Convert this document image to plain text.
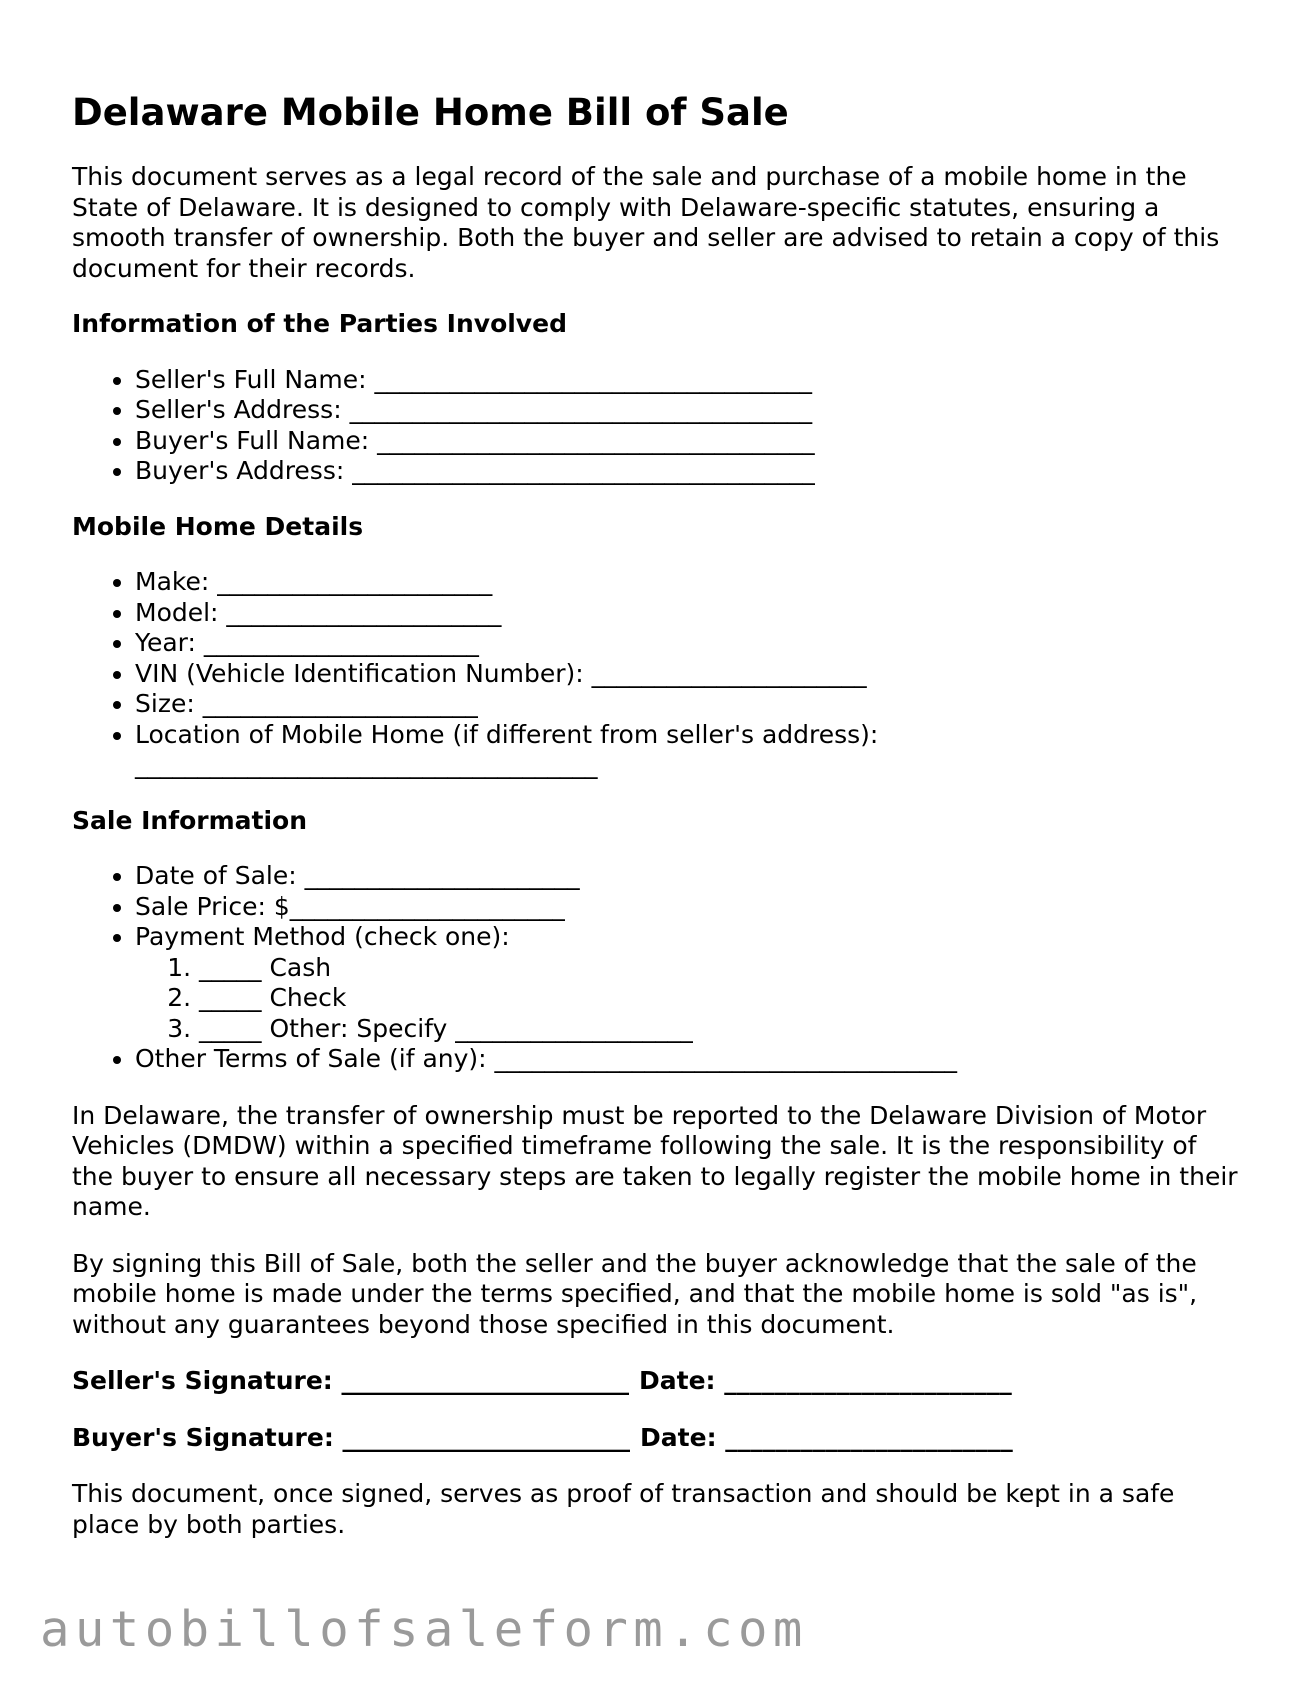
Delaware Mobile Home Bill of Sale

This document serves as a legal record of the sale and purchase of a mobile home in the State of Delaware. It is designed to comply with Delaware-specific statutes, ensuring a smooth transfer of ownership. Both the buyer and seller are advised to retain a copy of this document for their records.

Information of the Parties Involved
• Seller's Full Name: ___________________________________
• Seller's Address: _____________________________________
• Buyer's Full Name: ___________________________________
• Buyer's Address: _____________________________________
Mobile Home Details
• Make: ______________________
• Model: ______________________
• Year: ______________________
• VIN (Vehicle Identification Number): ______________________
• Size: ______________________
• Location of Mobile Home (if different from seller's address): _____________________________________
Sale Information
• Date of Sale: ______________________
• Sale Price: $______________________
• Payment Method (check one):
1. _____ Cash
2. _____ Check
3. _____ Other: Specify ___________________
• Other Terms of Sale (if any): _____________________________________

In Delaware, the transfer of ownership must be reported to the Delaware Division of Motor Vehicles (DMDW) within a specified timeframe following the sale. It is the responsibility of the buyer to ensure all necessary steps are taken to legally register the mobile home in their name.

By signing this Bill of Sale, both the seller and the buyer acknowledge that the sale of the mobile home is made under the terms specified, and that the mobile home is sold "as is", without any guarantees beyond those specified in this document.

Seller's Signature: _______________________ Date: _______________________
Buyer's Signature: _______________________ Date: _______________________

This document, once signed, serves as proof of transaction and should be kept in a safe place by both parties.

autobillofsaleform.com
